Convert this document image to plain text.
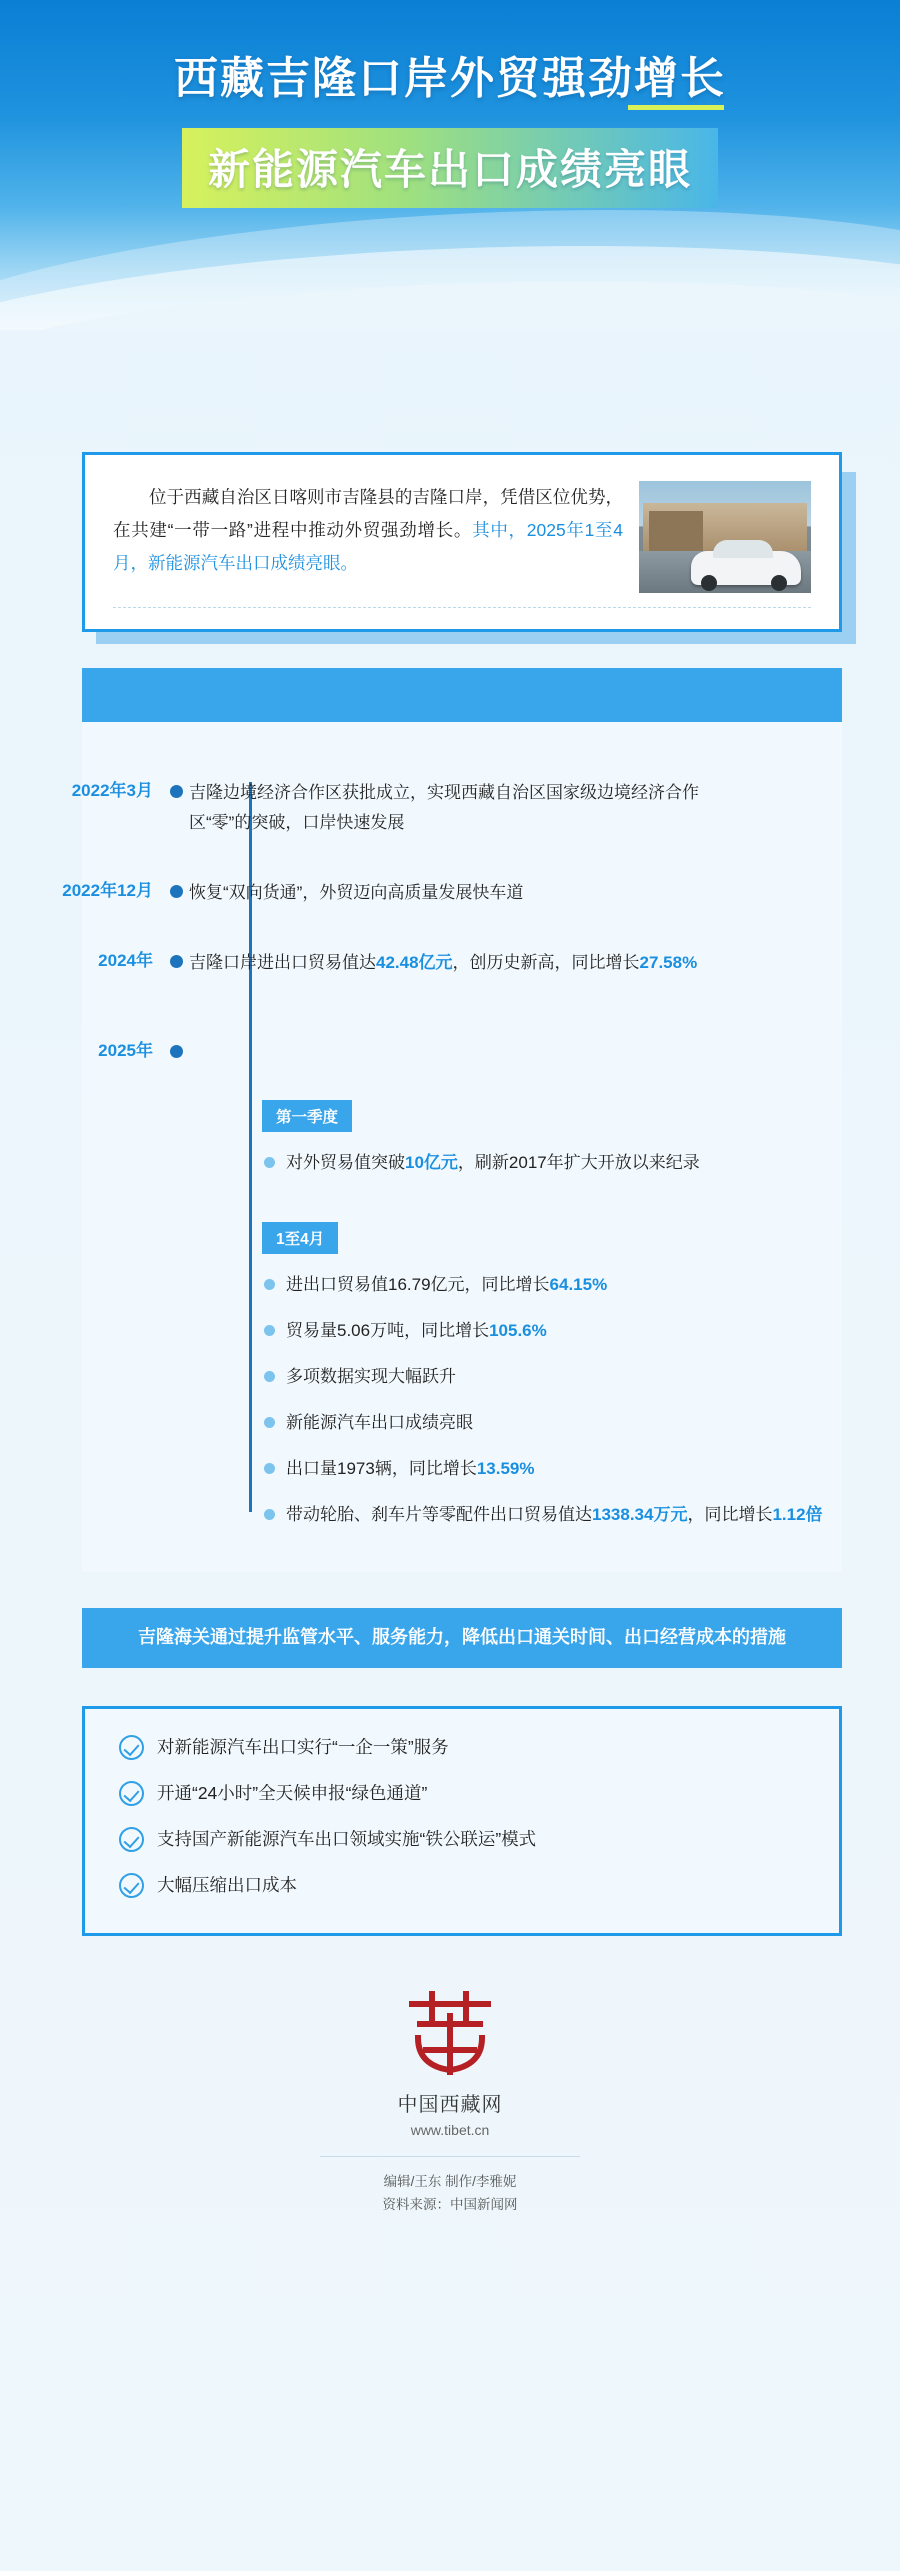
西藏吉隆口岸外贸强劲增长
新能源汽车出口成绩亮眼
位于西藏自治区日喀则市吉隆县的吉隆口岸，凭借区位优势，在共建“一带一路”进程中推动外贸强劲增长。其中，2025年1至4月，新能源汽车出口成绩亮眼。
2022年3月	吉隆边境经济合作区获批成立，实现西藏自治区国家级边境经济合作区“零”的突破，口岸快速发展
2022年12月	恢复“双向货通”，外贸迈向高质量发展快车道
2024年	吉隆口岸进出口贸易值达42.48亿元，创历史新高，同比增长27.58%
2025年
第一季度
对外贸易值突破10亿元，刷新2017年扩大开放以来纪录
1至4月
进出口贸易值16.79亿元，同比增长64.15%
贸易量5.06万吨，同比增长105.6%
多项数据实现大幅跃升
新能源汽车出口成绩亮眼
出口量1973辆，同比增长13.59%
带动轮胎、刹车片等零配件出口贸易值达1338.34万元，同比增长1.12倍
吉隆海关通过提升监管水平、服务能力，降低出口通关时间、出口经营成本的措施
对新能源汽车出口实行“一企一策”服务
开通“24小时”全天候申报“绿色通道”
支持国产新能源汽车出口领域实施“铁公联运”模式
大幅压缩出口成本
中国西藏网
www.tibet.cn
编辑/王东 制作/李雅妮
资料来源：中国新闻网
